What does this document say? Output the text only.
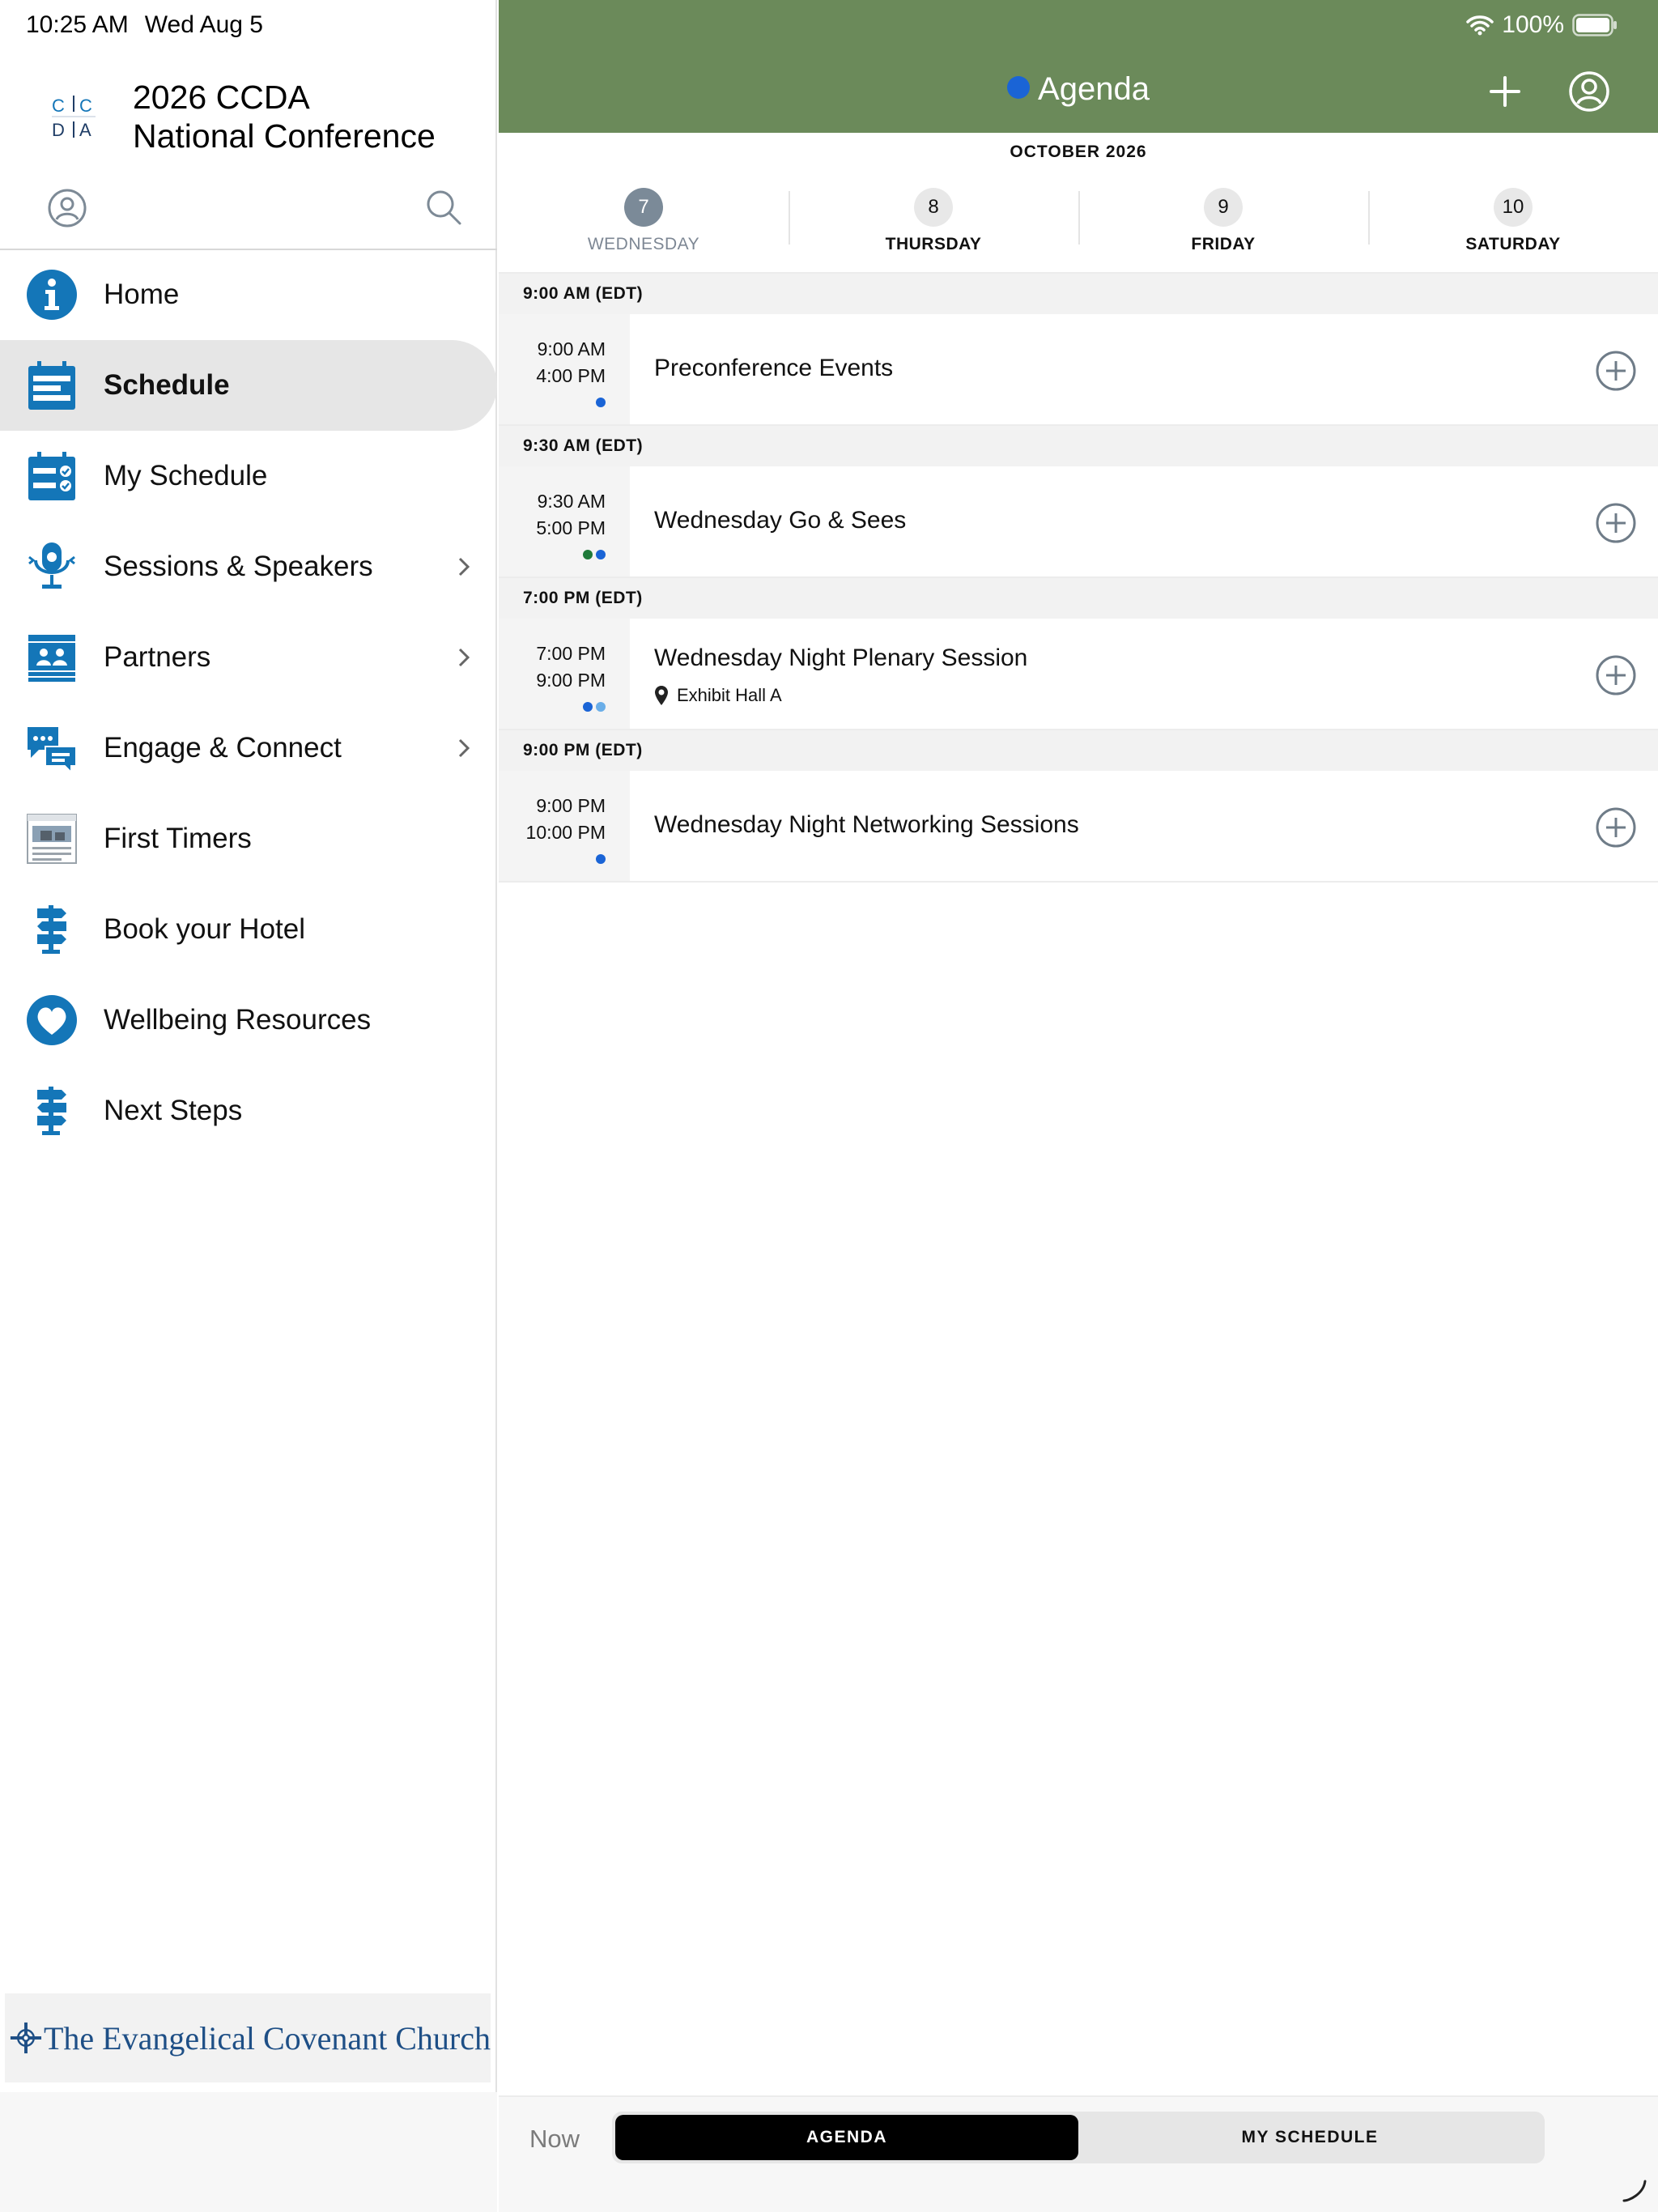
10:25 AM Wed Aug 5
C C
D A
2026 CCDA
National Conference
Home
Schedule
My Schedule
Sessions & Speakers
Partners
Engage & Connect
First Timers
Book your Hotel
Wellbeing Resources
Next Steps
The Evangelical Covenant Church
100%
Agenda
OCTOBER 2026
7
WEDNESDAY
8
THURSDAY
9
FRIDAY
10
SATURDAY
9:00 AM (EDT)
9:00 AM
4:00 PM Preconference Events
9:30 AM (EDT)
9:30 AM
5:00 PM Wednesday Go & Sees
7:00 PM (EDT)
7:00 PM
9:00 PM
Wednesday Night Plenary Session
Exhibit Hall A
9:00 PM (EDT)
9:00 PM
10:00 PM Wednesday Night Networking Sessions
Now	AGENDA	MY SCHEDULE
